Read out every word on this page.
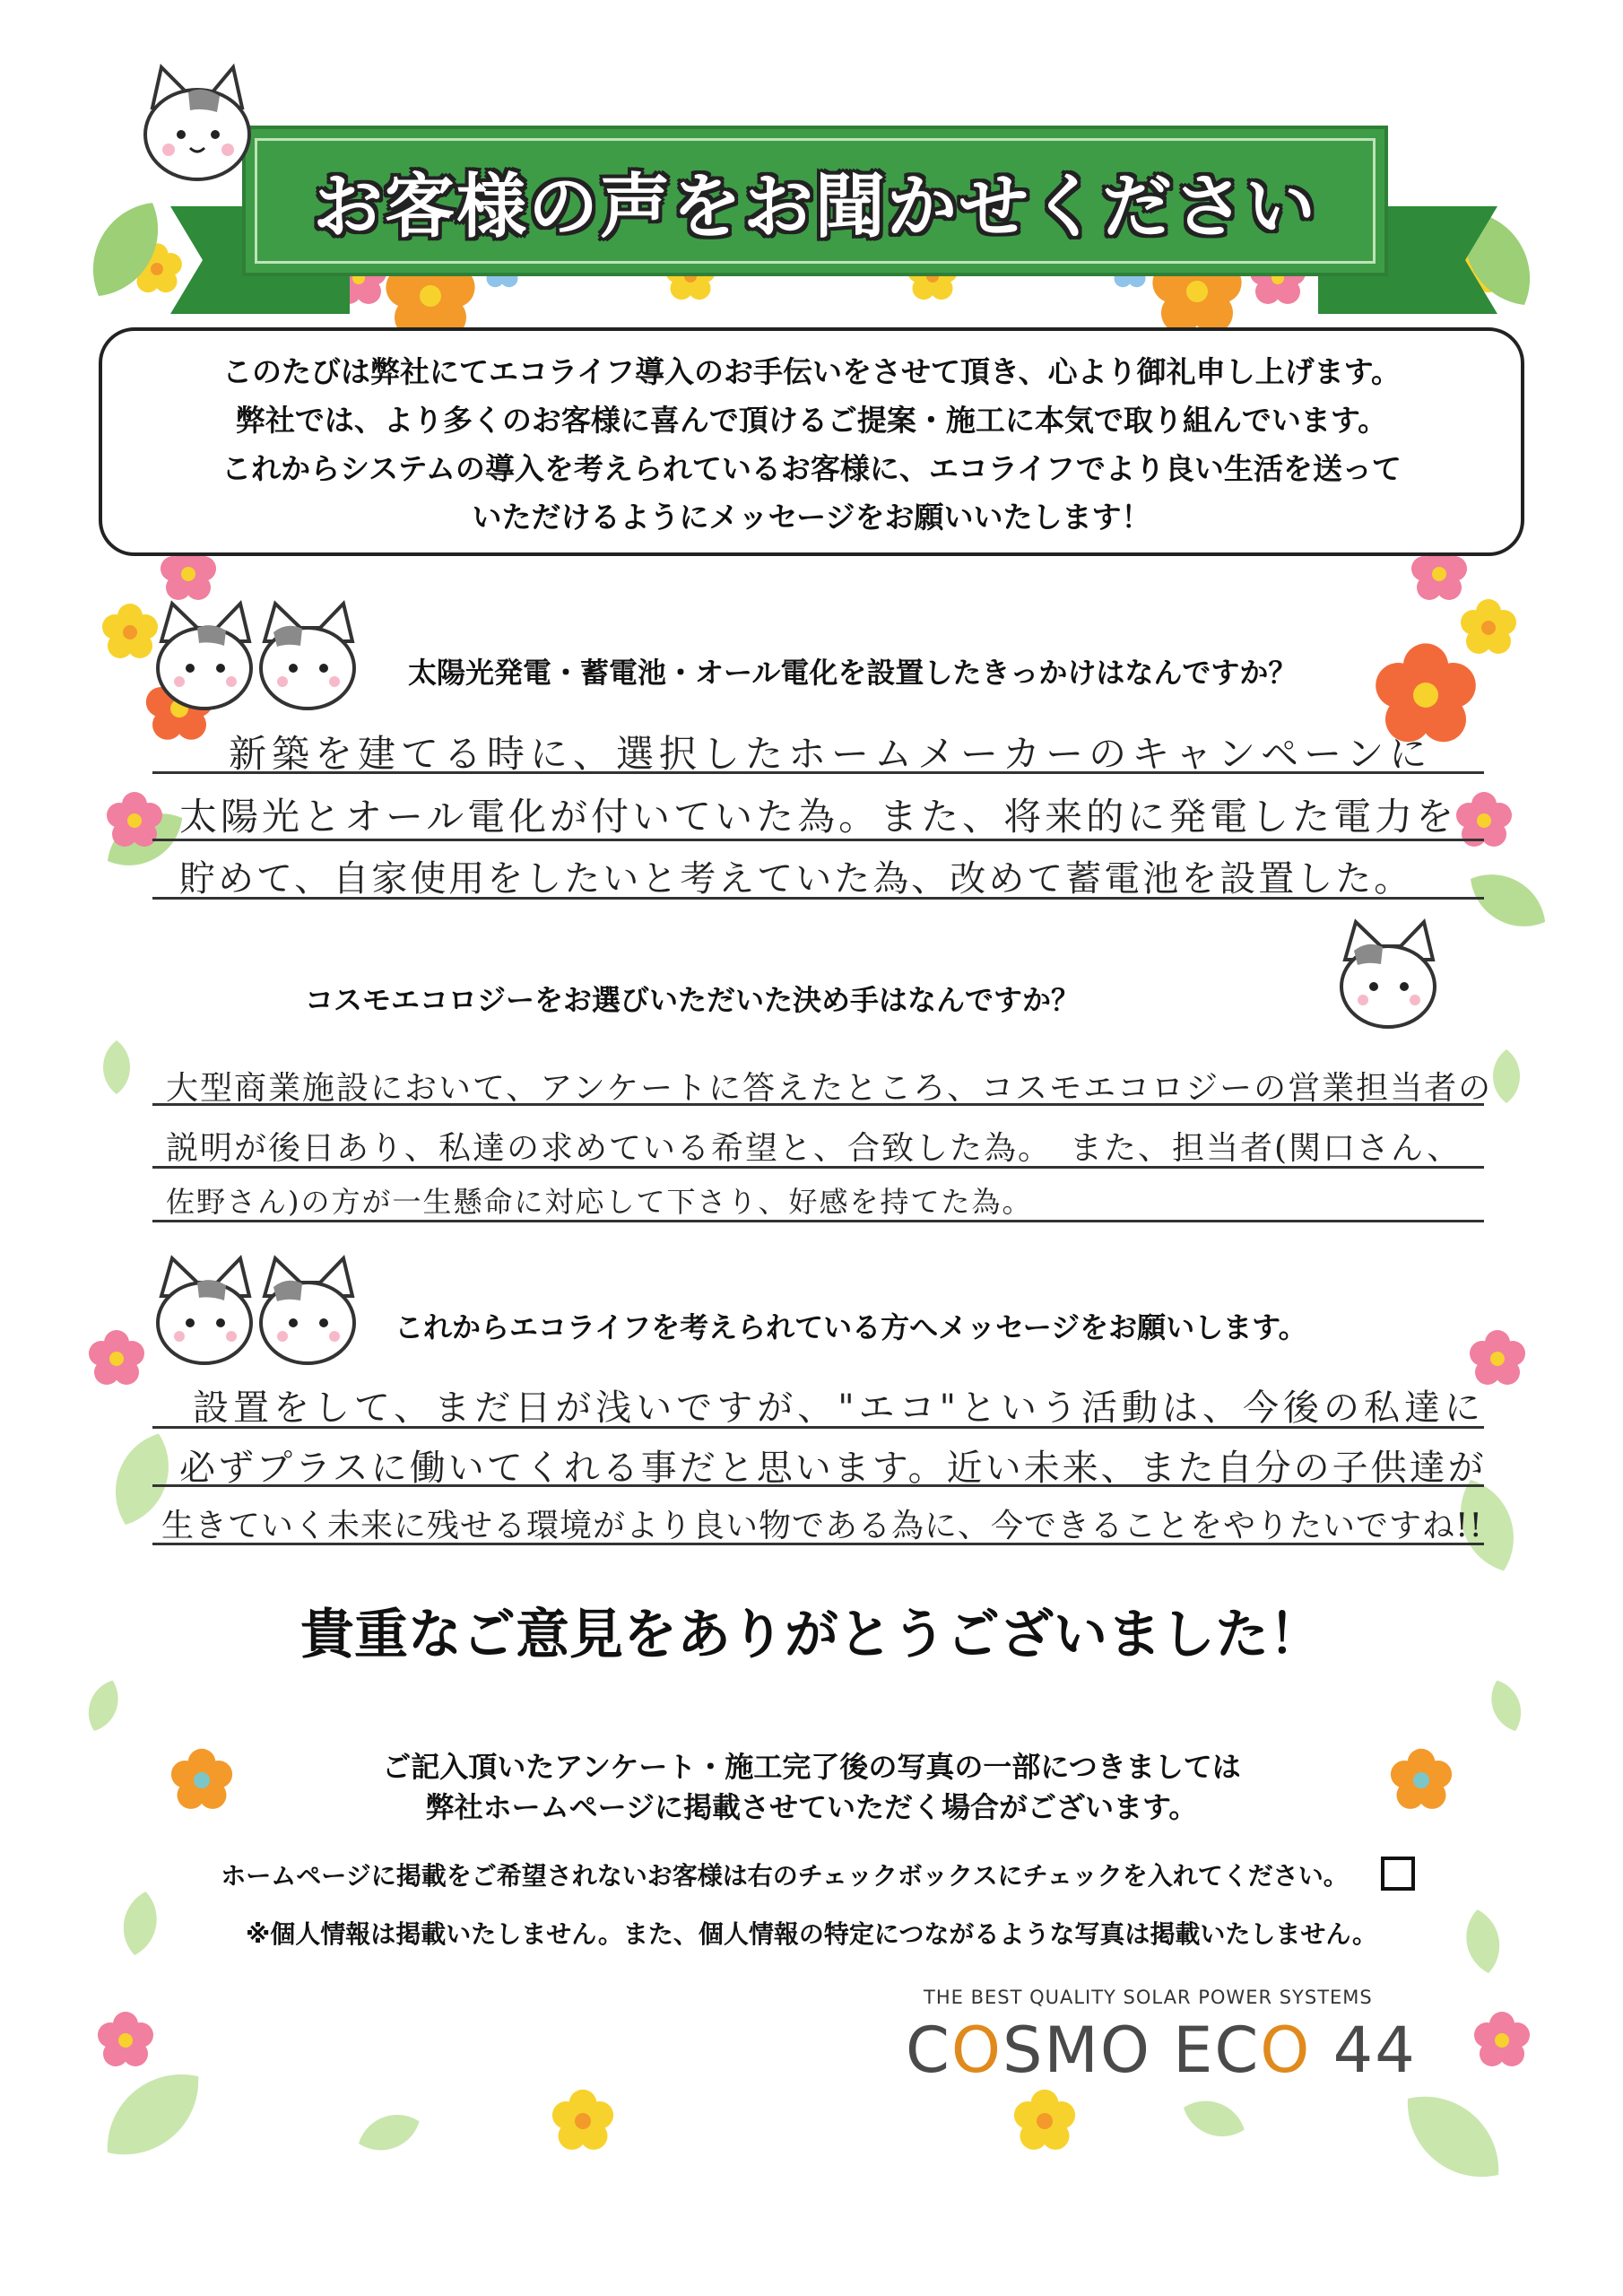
お客様の声をお聞かせください
このたびは弊社にてエコライフ導入のお手伝いをさせて頂き、心より御礼申し上げます。
弊社では、より多くのお客様に喜んで頂けるご提案・施工に本気で取り組んでいます。
これからシステムの導入を考えられているお客様に、エコライフでより良い生活を送って
いただけるようにメッセージをお願いいたします！
太陽光発電・蓄電池・オール電化を設置したきっかけはなんですか？
新築を建てる時に、選択したホームメーカーのキャンペーンに
太陽光とオール電化が付いていた為。また、将来的に発電した電力を
貯めて、自家使用をしたいと考えていた為、改めて蓄電池を設置した。
コスモエコロジーをお選びいただいた決め手はなんですか？
大型商業施設において、アンケートに答えたところ、コスモエコロジーの営業担当者の
説明が後日あり、私達の求めている希望と、合致した為。　また、担当者(関口さん、
佐野さん)の方が一生懸命に対応して下さり、好感を持てた為。
これからエコライフを考えられている方へメッセージをお願いします。
設置をして、まだ日が浅いですが、"エコ"という活動は、今後の私達に
必ずプラスに働いてくれる事だと思います。近い未来、また自分の子供達が
生きていく未来に残せる環境がより良い物である為に、今できることをやりたいですね!!
貴重なご意見をありがとうございました！
ご記入頂いたアンケート・施工完了後の写真の一部につきましては
弊社ホームページに掲載させていただく場合がございます。
ホームページに掲載をご希望されないお客様は右のチェックボックスにチェックを入れてください。
※個人情報は掲載いたしません。また、個人情報の特定につながるような写真は掲載いたしません。
THE BEST QUALITY SOLAR POWER SYSTEMS
COSMO ECO 44
